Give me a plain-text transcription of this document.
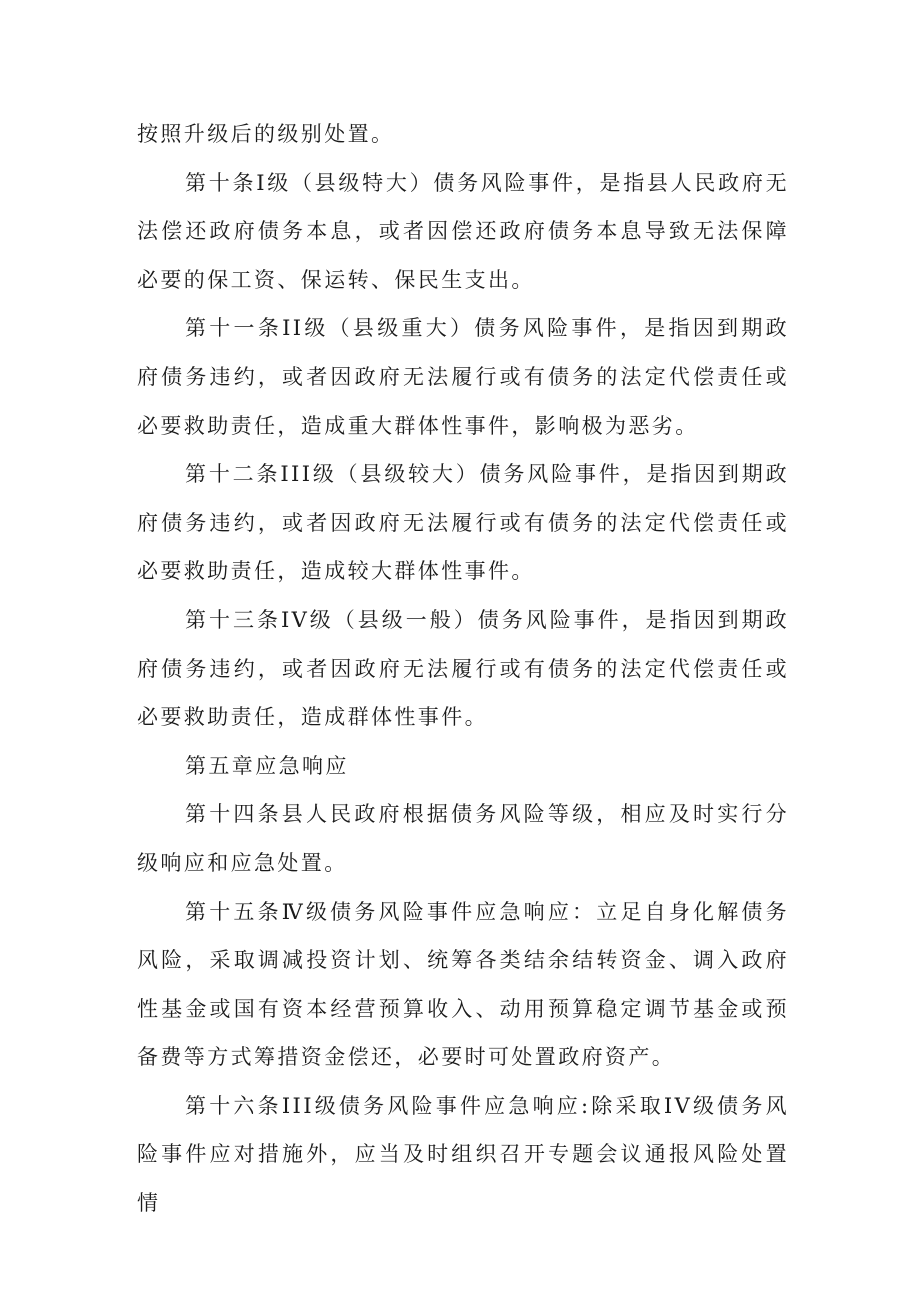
按照升级后的级别处置。

第十条Ⅰ级（县级特大）债务风险事件，是指县人民政府无法偿还政府债务本息，或者因偿还政府债务本息导致无法保障必要的保工资、保运转、保民生支出。

第十一条II级（县级重大）债务风险事件，是指因到期政府债务违约，或者因政府无法履行或有债务的法定代偿责任或必要救助责任，造成重大群体性事件，影响极为恶劣。

第十二条III级（县级较大）债务风险事件，是指因到期政府债务违约，或者因政府无法履行或有债务的法定代偿责任或必要救助责任，造成较大群体性事件。

第十三条IV级（县级一般）债务风险事件，是指因到期政府债务违约，或者因政府无法履行或有债务的法定代偿责任或必要救助责任，造成群体性事件。

第五章应急响应

第十四条县人民政府根据债务风险等级，相应及时实行分级响应和应急处置。

第十五条Ⅳ级债务风险事件应急响应：立足自身化解债务风险，采取调减投资计划、统筹各类结余结转资金、调入政府性基金或国有资本经营预算收入、动用预算稳定调节基金或预备费等方式筹措资金偿还，必要时可处置政府资产。

第十六条III级债务风险事件应急响应:除采取IV级债务风险事件应对措施外，应当及时组织召开专题会议通报风险处置情
